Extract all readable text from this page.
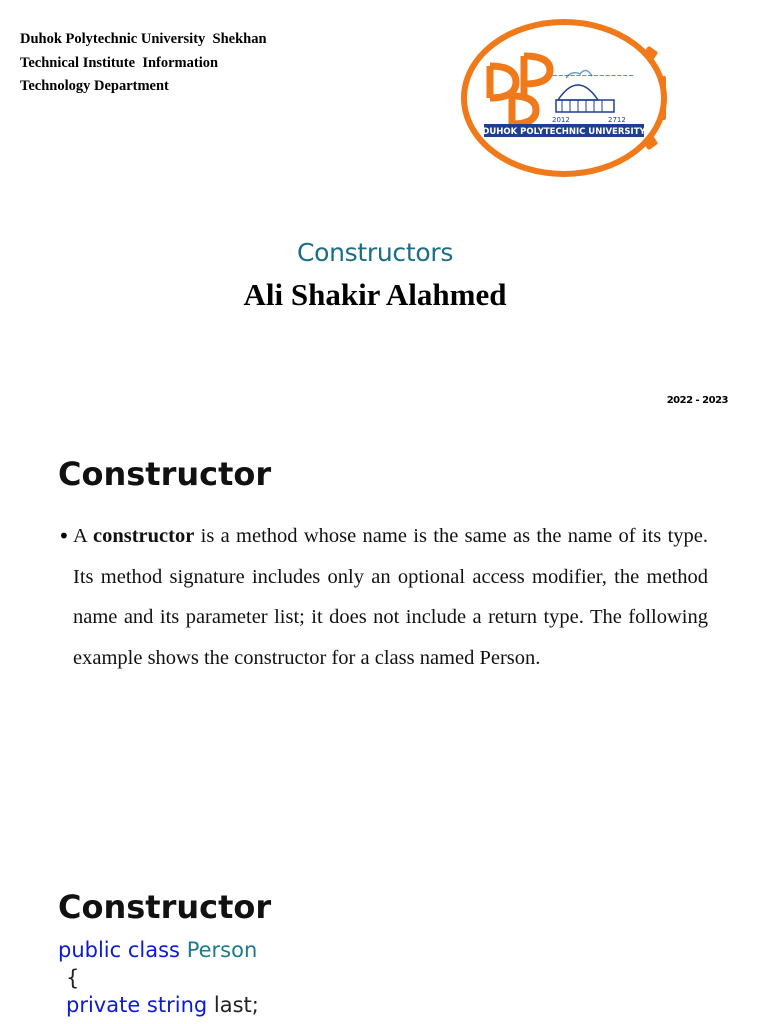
Duhok Polytechnic University  Shekhan
Technical Institute  Information
Technology Department
~~~~~~~~~~~~~~
2012	2712
DUHOK POLYTECHNIC UNIVERSITY
Constructors
Ali Shakir Alahmed
2022 - 2023
Constructor
• A constructor is a method whose name is the same as the name of its type. Its method signature includes only an optional access modifier, the method name and its parameter list; it does not include a return type. The following example shows the constructor for a class named Person.
Constructor
public class Person
{
private string last;
